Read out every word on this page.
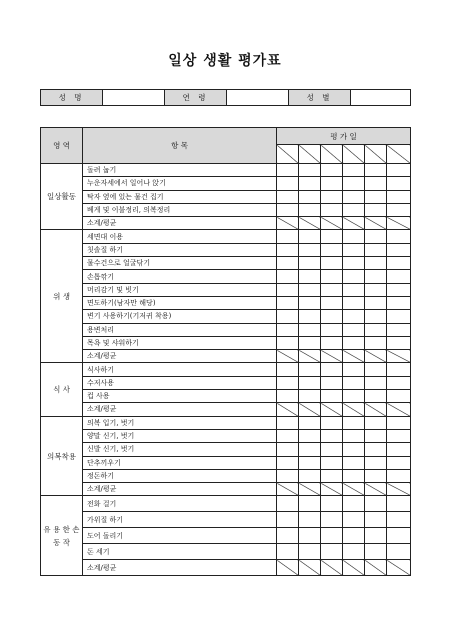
일상 생활 평가표
성 명		연 령		성 별	
영 역	항 목	평 가 일					

일상활동	돌려 눕기						
	누운자세에서 일어나 앉기						
	탁자 옆에 있는 물건 집기						
	베게 및 이불정리, 의복정리						
	소계/평균						
위 생	세면대 이용						
	칫솔질 하기						
	물수건으로 얼굴닦기						
	손톱깎기						
	머리감기 및 빗기						
	면도하기(남자만 해당)						
	변기 사용하기(기저귀 착용)						
	용변처리						
	목욕 및 샤워하기						
	소계/평균						
식 사	식사하기						
	수저사용						
	컵 사용						
	소계/평균						
의복착용	의복 입기, 벗기						
	양말 신기, 벗기						
	신발 신기, 벗기						
	단추끼우기						
	정돈하기						
	소계/평균						
유 용 한 손 동 작	전화 걸기						
	가위질 하기						
	도어 돌리기						
	돈 세기						
	소계/평균						
